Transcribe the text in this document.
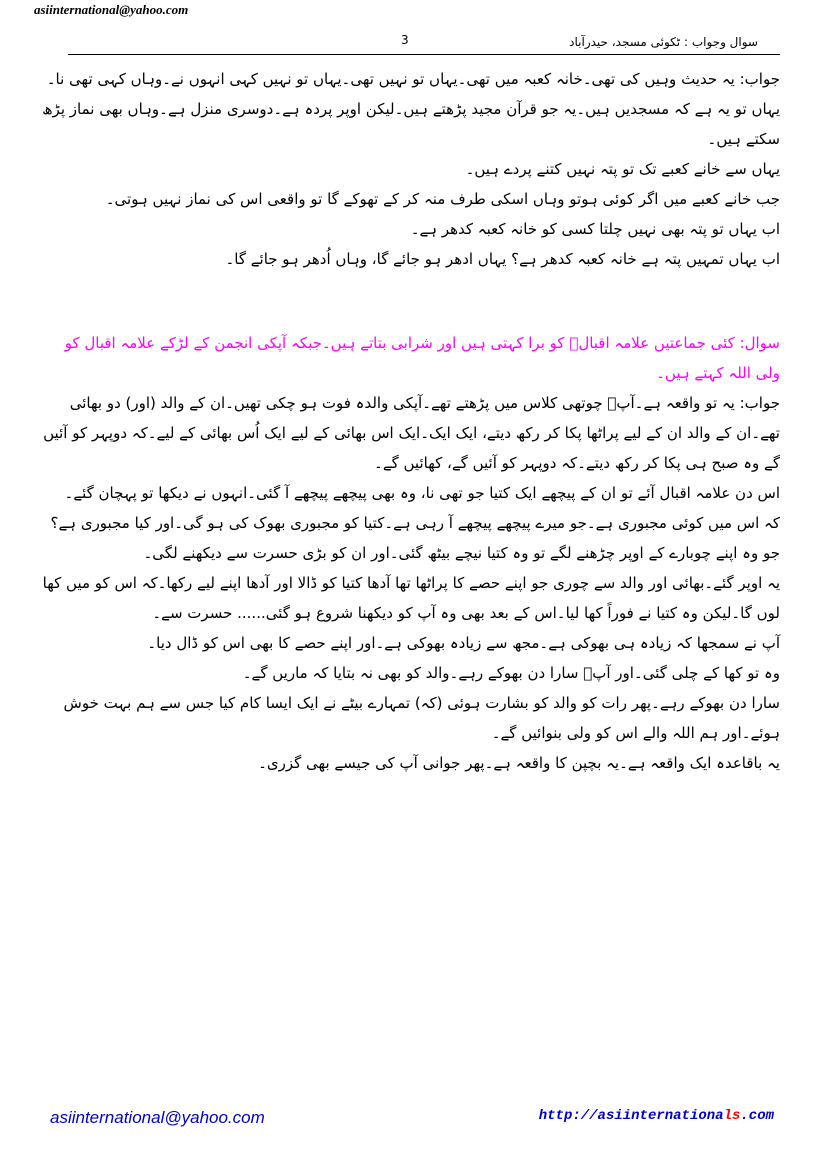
asiinternational@yahoo.com
سوال وجواب : ٹکوئی مسجد، حیدرآباد
3

جواب: یہ حدیث وہیں کی تھی۔خانہ کعبہ میں تھی۔یہاں تو نہیں تھی۔یہاں تو نہیں کہی انہوں نے۔وہاں کہی تھی نا۔

یہاں تو یہ ہے کہ مسجدیں ہیں۔یہ جو قرآن مجید پڑھتے ہیں۔لیکن اوپر پردہ ہے۔دوسری منزل ہے۔وہاں بھی نماز پڑھ سکتے ہیں۔

یہاں سے خانے کعبے تک تو پتہ نہیں کتنے پردے ہیں۔

جب خانے کعبے میں اگر کوئی ہوتو وہاں اسکی طرف منہ کر کے تھوکے گا تو واقعی اس کی نماز نہیں ہوتی۔

اب یہاں تو پتہ بھی نہیں چلتا کسی کو خانہ کعبہ کدھر ہے۔

اب یہاں تمہیں پتہ ہے خانہ کعبہ کدھر ہے؟ یہاں ادھر ہو جائے گا، وہاں اُدھر ہو جائے گا۔

سوال: کئی جماعتیں علامہ اقبالؒ کو برا کہتی ہیں اور شرابی بتاتے ہیں۔جبکہ آپکی انجمن کے لڑکے علامہ اقبال کو ولی اللہ کہتے ہیں۔

جواب: یہ تو واقعہ ہے۔آپؒ چوتھی کلاس میں پڑھتے تھے۔آپکی والدہ فوت ہو چکی تھیں۔ان کے والد (اور) دو بھائی تھے۔ان کے والد ان کے لیے پراٹھا پکا کر رکھ دیتے، ایک ایک۔ایک اس بھائی کے لیے ایک اُس بھائی کے لیے۔کہ دوپہر کو آئیں گے وہ صبح ہی پکا کر رکھ دیتے۔کہ دوپہر کو آئیں گے، کھائیں گے۔

اس دن علامہ اقبال آئے تو ان کے پیچھے ایک کتیا جو تھی نا، وہ بھی پیچھے پیچھے آ گئی۔انہوں نے دیکھا تو پہچان گئے۔

کہ اس میں کوئی مجبوری ہے۔جو میرے پیچھے پیچھے آ رہی ہے۔کتیا کو مجبوری بھوک کی ہو گی۔اور کیا مجبوری ہے؟

جو وہ اپنے چوبارے کے اوپر چڑھنے لگے تو وہ کتیا نیچے بیٹھ گئی۔اور ان کو بڑی حسرت سے دیکھنے لگی۔

یہ اوپر گئے۔بھائی اور والد سے چوری جو اپنے حصے کا پراٹھا تھا آدھا کتیا کو ڈالا اور آدھا اپنے لیے رکھا۔کہ اس کو میں کھا لوں گا۔لیکن وہ کتیا نے فوراً کھا لیا۔اس کے بعد بھی وہ آپ کو دیکھنا شروع ہو گئی...... حسرت سے۔

آپ نے سمجھا کہ زیادہ ہی بھوکی ہے۔مجھ سے زیادہ بھوکی ہے۔اور اپنے حصے کا بھی اس کو ڈال دیا۔

وہ تو کھا کے چلی گئی۔اور آپؒ سارا دن بھوکے رہے۔والد کو بھی نہ بتایا کہ ماریں گے۔

سارا دن بھوکے رہے۔پھر رات کو والد کو بشارت ہوئی (کہ) تمہارے بیٹے نے ایک ایسا کام کیا جس سے ہم بہت خوش ہوئے۔اور ہم اللہ والے اس کو ولی بنوائیں گے۔

یہ باقاعدہ ایک واقعہ ہے۔یہ بچپن کا واقعہ ہے۔پھر جوانی آپ کی جیسے بھی گزری۔

asiinternational@yahoo.com	http://asiinternationals.com
